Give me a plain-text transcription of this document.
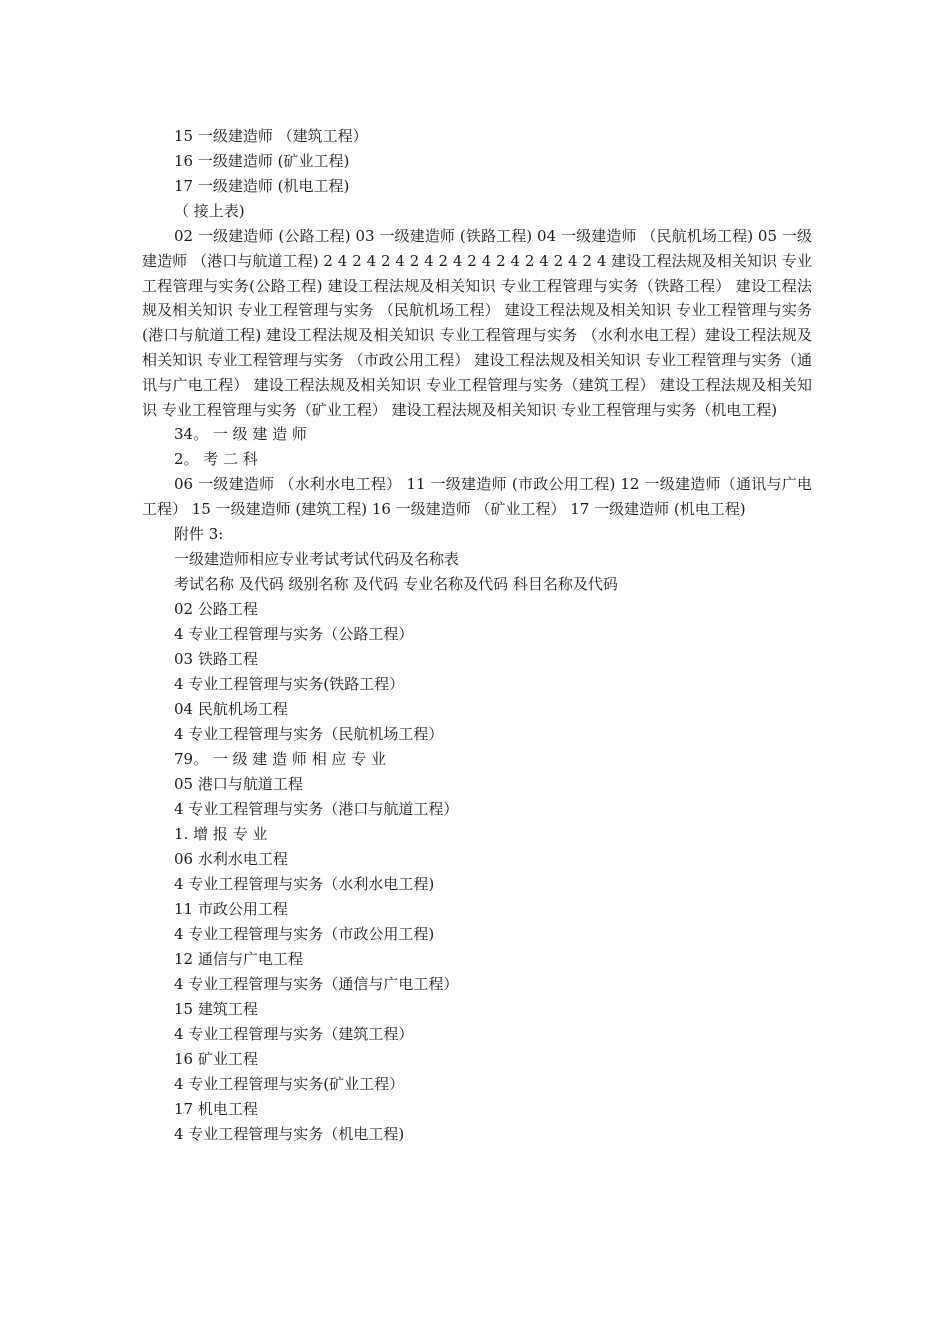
15 一级建造师 （建筑工程）

16 一级建造师 (矿业工程)

17 一级建造师 (机电工程)

（ 接上表)

02 一级建造师 (公路工程) 03 一级建造师 (铁路工程) 04 一级建造师 （民航机场工程) 05 一级建造师 （港口与航道工程) 2 4 2 4 2 4 2 4 2 4 2 4 2 4 2 4 2 4 2 4 建设工程法规及相关知识 专业工程管理与实务(公路工程) 建设工程法规及相关知识 专业工程管理与实务（铁路工程） 建设工程法规及相关知识 专业工程管理与实务 （民航机场工程） 建设工程法规及相关知识 专业工程管理与实务(港口与航道工程) 建设工程法规及相关知识 专业工程管理与实务 （水利水电工程）建设工程法规及相关知识 专业工程管理与实务 （市政公用工程） 建设工程法规及相关知识 专业工程管理与实务（通讯与广电工程） 建设工程法规及相关知识 专业工程管理与实务（建筑工程） 建设工程法规及相关知识 专业工程管理与实务（矿业工程） 建设工程法规及相关知识 专业工程管理与实务（机电工程)

34。 一 级 建 造 师

2。 考 二 科

06 一级建造师 （水利水电工程） 11 一级建造师 (市政公用工程) 12 一级建造师（通讯与广电工程） 15 一级建造师 (建筑工程) 16 一级建造师 （矿业工程） 17 一级建造师 (机电工程)

附件 3:

一级建造师相应专业考试考试代码及名称表

考试名称 及代码 级别名称 及代码 专业名称及代码 科目名称及代码

02 公路工程

4 专业工程管理与实务（公路工程）

03 铁路工程

4 专业工程管理与实务(铁路工程）

04 民航机场工程

4 专业工程管理与实务（民航机场工程）

79。 一 级 建 造 师 相 应 专 业

05 港口与航道工程

4 专业工程管理与实务（港口与航道工程）

1. 增 报 专 业

06 水利水电工程

4 专业工程管理与实务（水利水电工程)

11 市政公用工程

4 专业工程管理与实务（市政公用工程)

12 通信与广电工程

4 专业工程管理与实务（通信与广电工程）

15 建筑工程

4 专业工程管理与实务（建筑工程）

16 矿业工程

4 专业工程管理与实务(矿业工程）

17 机电工程

4 专业工程管理与实务（机电工程)
